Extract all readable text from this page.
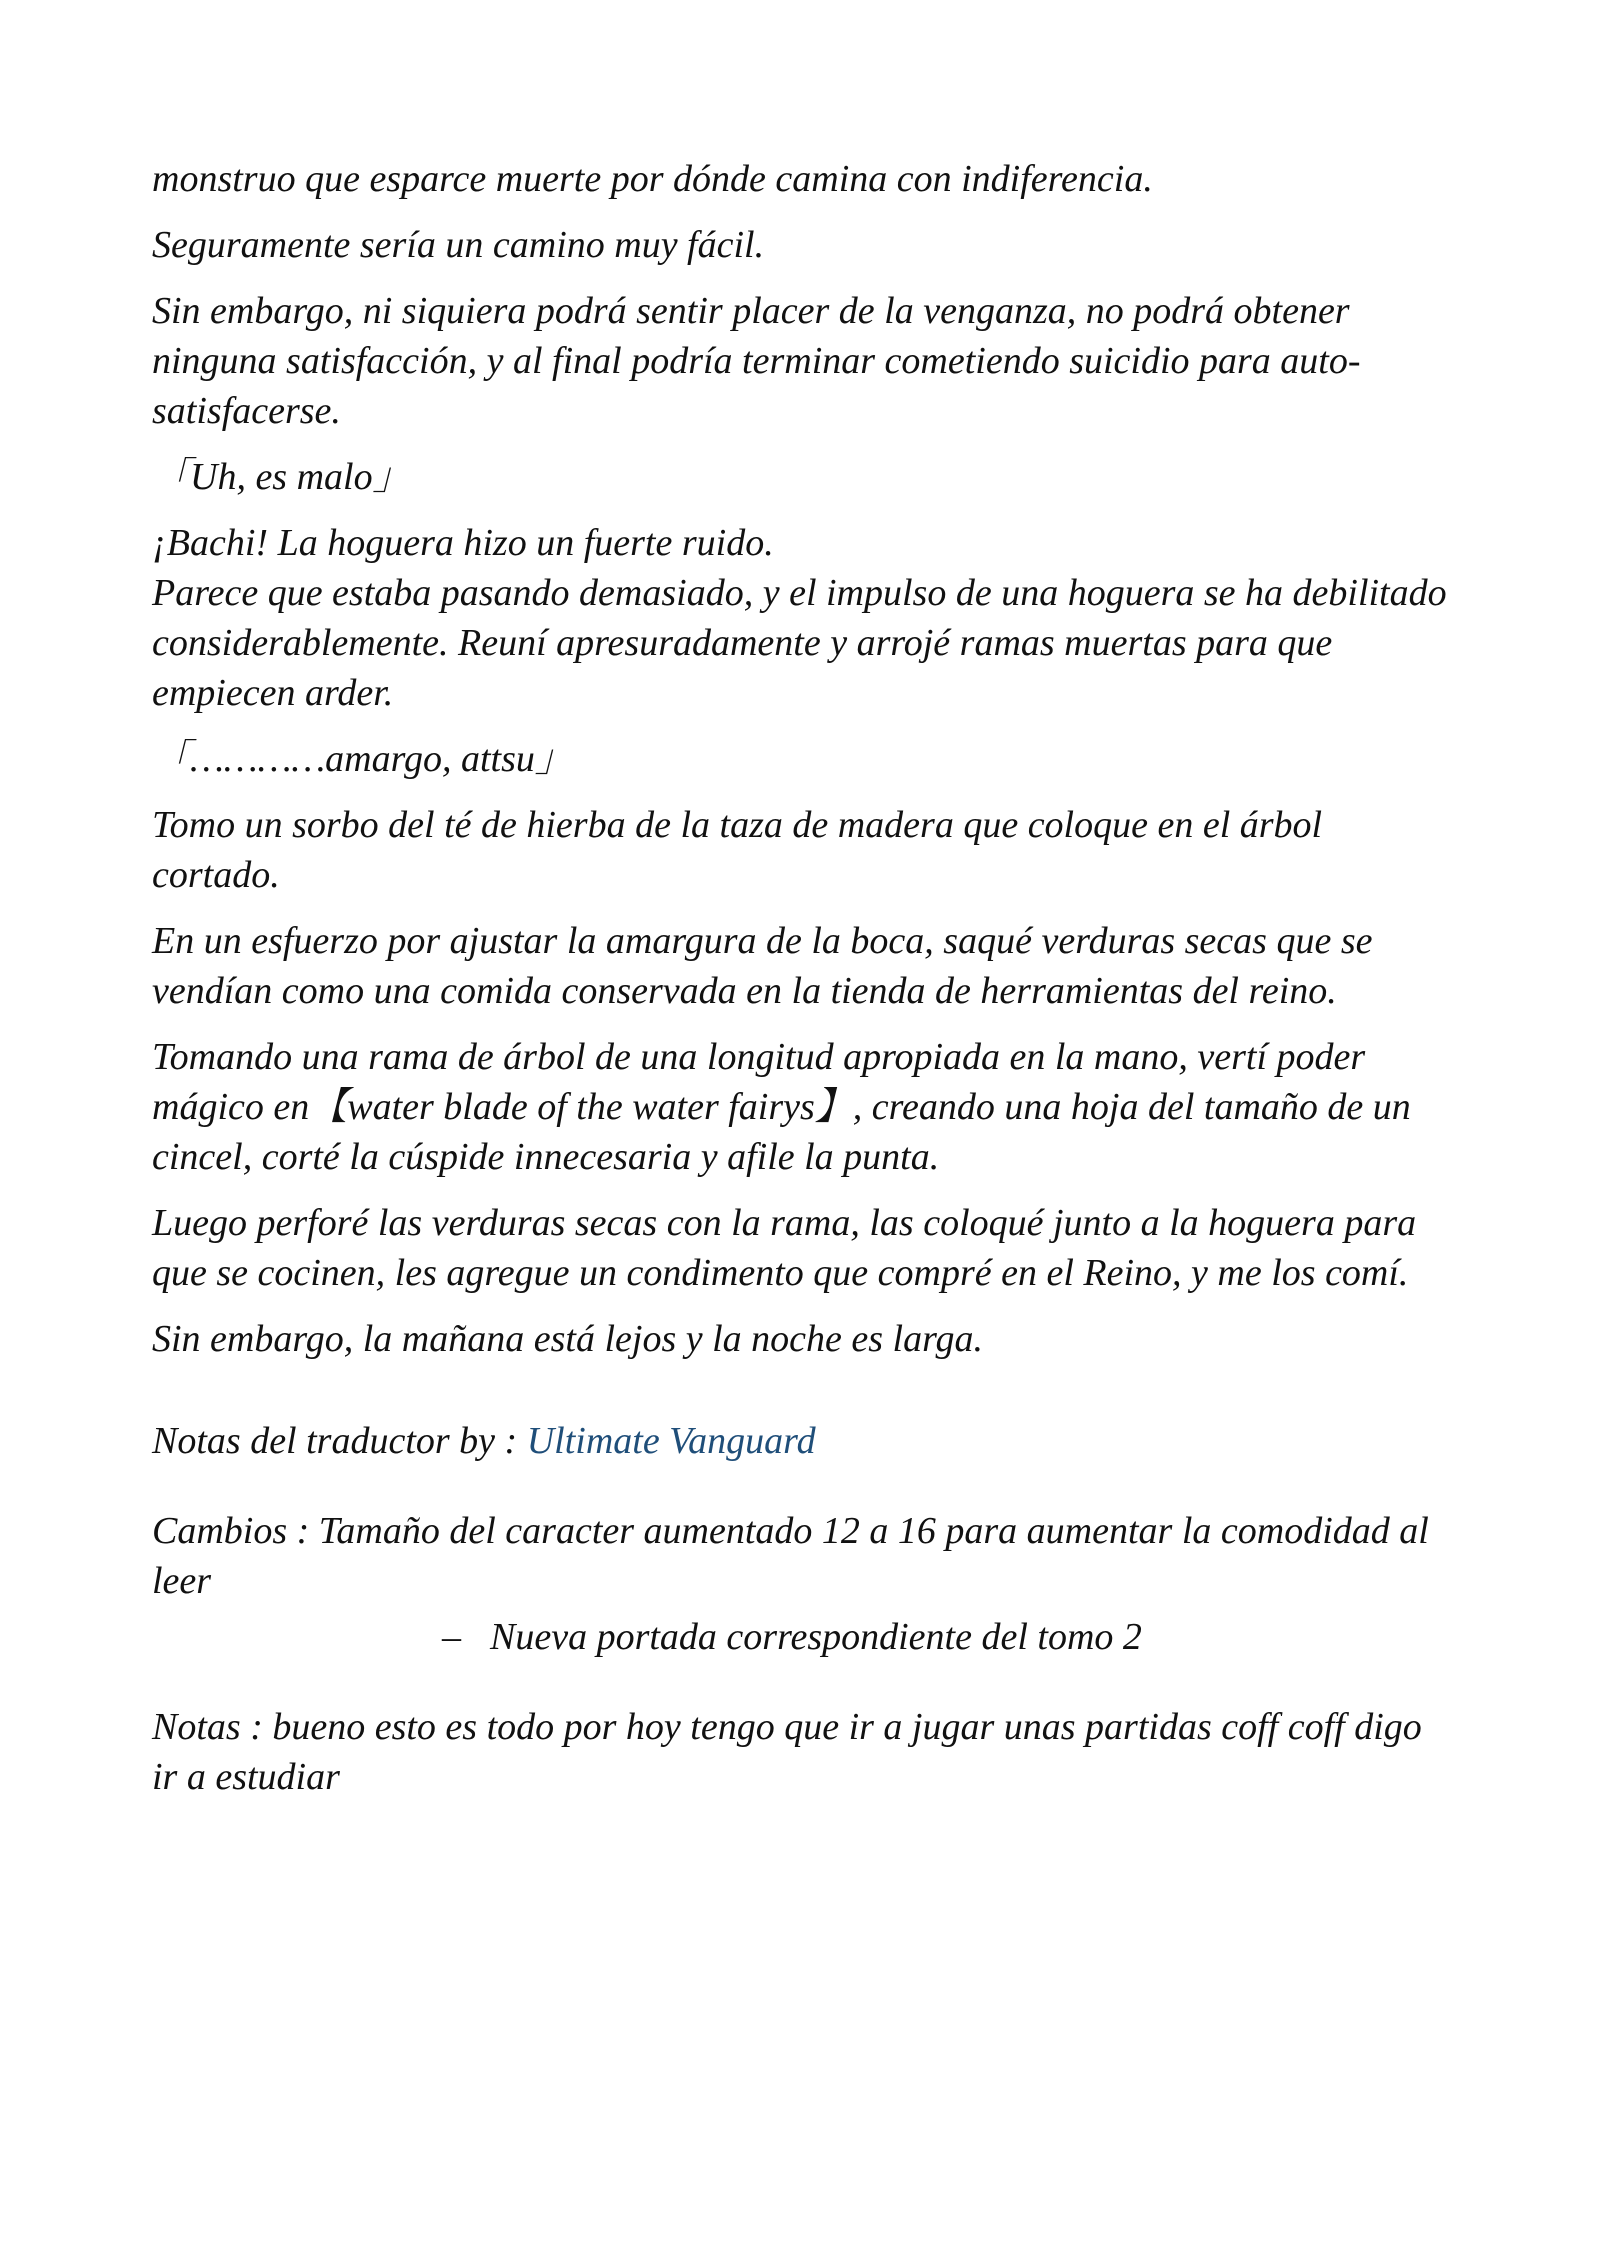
monstruo que esparce muerte por dónde camina con indiferencia.

Seguramente sería un camino muy fácil.

Sin embargo, ni siquiera podrá sentir placer de la venganza, no podrá obtener ninguna satisfacción, y al final podría terminar cometiendo suicidio para auto-satisfacerse.

「Uh, es malo」

¡Bachi! La hoguera hizo un fuerte ruido.

Parece que estaba pasando demasiado, y el impulso de una hoguera se ha debilitado considerablemente. Reuní apresuradamente y arrojé ramas muertas para que empiecen arder.

「…………amargo, attsu」

Tomo un sorbo del té de hierba de la taza de madera que coloque en el árbol cortado.

En un esfuerzo por ajustar la amargura de la boca, saqué verduras secas que se vendían como una comida conservada en la tienda de herramientas del reino.

Tomando una rama de árbol de una longitud apropiada en la mano, vertí poder mágico en【water blade of the water fairys】, creando una hoja del tamaño de un cincel, corté la cúspide innecesaria y afile la punta.

Luego perforé las verduras secas con la rama, las coloqué junto a la hoguera para que se cocinen, les agregue un condimento que compré en el Reino, y me los comí.

Sin embargo, la mañana está lejos y la noche es larga.

Notas del traductor by : Ultimate Vanguard

Cambios : Tamaño del caracter aumentado 12 a 16 para aumentar la comodidad al leer

– Nueva portada correspondiente del tomo 2

Notas : bueno esto es todo por hoy tengo que ir a jugar unas partidas coff coff digo ir a estudiar
